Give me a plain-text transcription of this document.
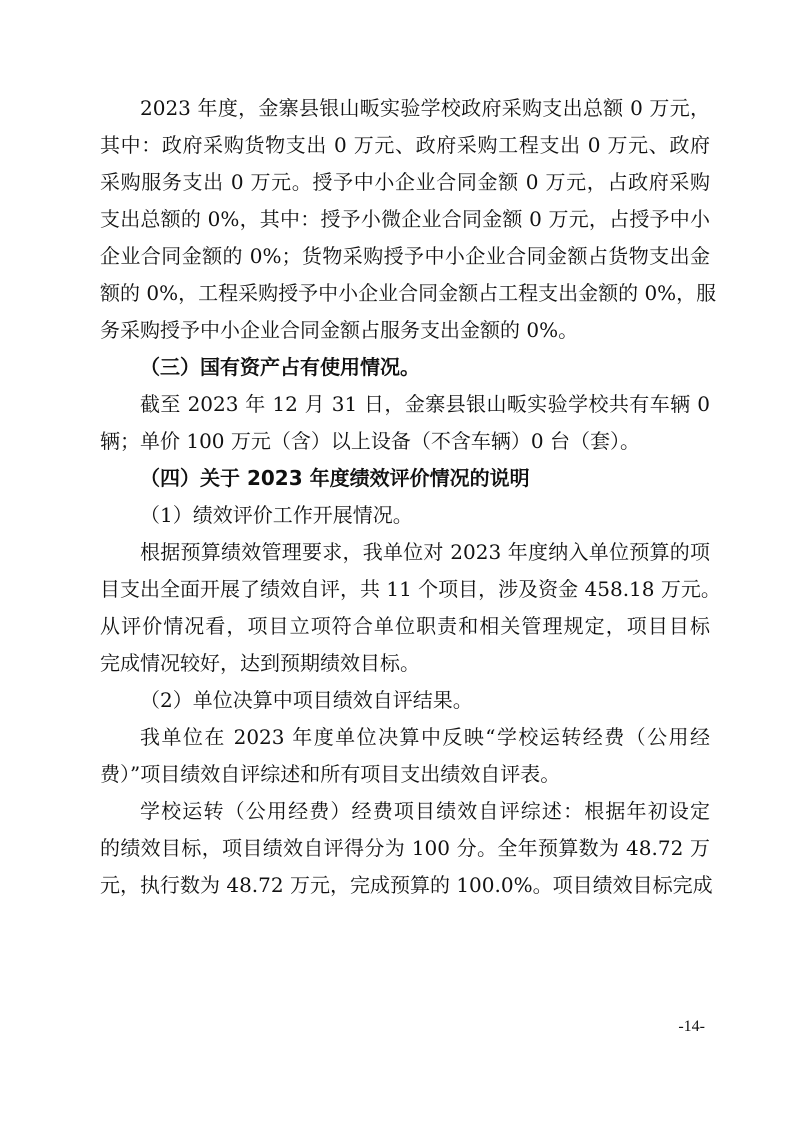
2023 年度，金寨县银山畈实验学校政府采购支出总额 0 万元，
其中：政府采购货物支出 0 万元、政府采购工程支出 0 万元、政府
采购服务支出 0 万元。授予中小企业合同金额 0 万元，占政府采购
支出总额的 0%，其中：授予小微企业合同金额 0 万元，占授予中小
企业合同金额的 0%；货物采购授予中小企业合同金额占货物支出金
额的 0%，工程采购授予中小企业合同金额占工程支出金额的 0%，服
务采购授予中小企业合同金额占服务支出金额的 0%。
（三）国有资产占有使用情况。
截至 2023 年 12 月 31 日，金寨县银山畈实验学校共有车辆 0
辆；单价 100 万元（含）以上设备（不含车辆）0 台（套）。
（四）关于 2023 年度绩效评价情况的说明
（1）绩效评价工作开展情况。
根据预算绩效管理要求，我单位对 2023 年度纳入单位预算的项
目支出全面开展了绩效自评，共 11 个项目，涉及资金 458.18 万元。
从评价情况看，项目立项符合单位职责和相关管理规定，项目目标
完成情况较好，达到预期绩效目标。
（2）单位决算中项目绩效自评结果。
我单位在 2023 年度单位决算中反映“学校运转经费（公用经
费）”项目绩效自评综述和所有项目支出绩效自评表。
学校运转（公用经费）经费项目绩效自评综述：根据年初设定
的绩效目标，项目绩效自评得分为 100 分。全年预算数为 48.72 万
元，执行数为 48.72 万元，完成预算的 100.0%。项目绩效目标完成
-14-
